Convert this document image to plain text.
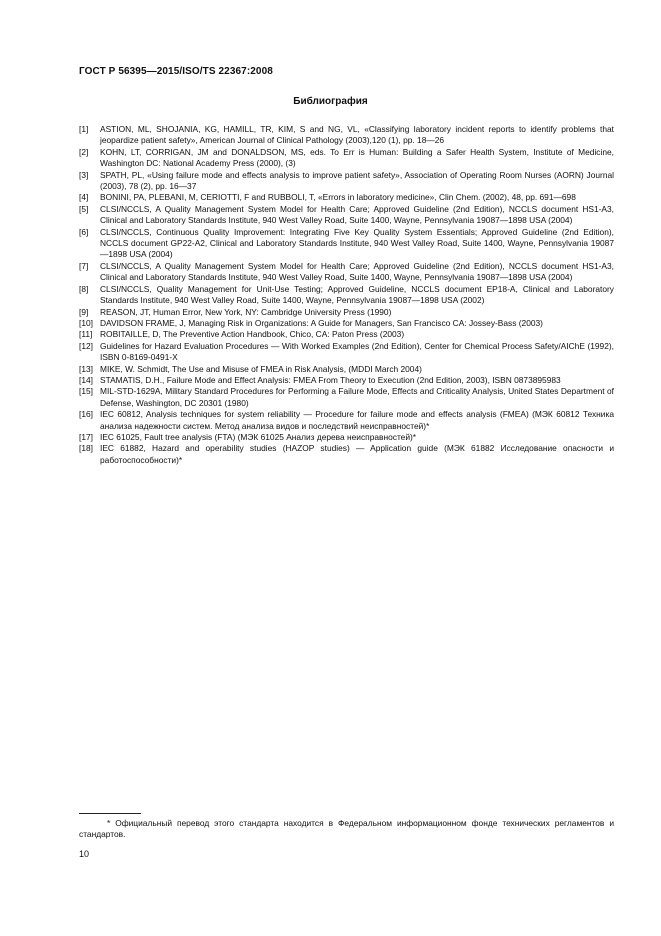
ГОСТ Р 56395—2015/ISO/TS 22367:2008
Библиография
[1]	ASTION, ML, SHOJANIA, KG, HAMILL, TR, KIM, S and NG, VL, «Classifying laboratory incident reports to identify problems that jeopardize patient safety», American Journal of Clinical Pathology (2003),120 (1), pp. 18—26
[2]	KOHN, LT, CORRIGAN, JM and DONALDSON, MS, eds. To Err is Human: Building a Safer Health System, Institute of Medicine, Washington DC: National Academy Press (2000), (3)
[3]	SPATH, PL, «Using failure mode and effects analysis to improve patient safety», Association of Operating Room Nurses (AORN) Journal (2003), 78 (2), pp. 16—37
[4]	BONINI, PA, PLEBANI, M, CERIOTTI, F and RUBBOLI, T, «Errors in laboratory medicine», Clin Chem. (2002), 48, pp. 691—698
[5]	CLSI/NCCLS, A Quality Management System Model for Health Care; Approved Guideline (2nd Edition), NCCLS document HS1-A3, Clinical and Laboratory Standards Institute, 940 West Valley Road, Suite 1400, Wayne, Pennsylvania 19087—1898 USA (2004)
[6]	CLSI/NCCLS, Continuous Quality Improvement: Integrating Five Key Quality System Essentials; Approved Guideline (2nd Edition), NCCLS document GP22-A2, Clinical and Laboratory Standards Institute, 940 West Valley Road, Suite 1400, Wayne, Pennsylvania 19087—1898 USA (2004)
[7]	CLSI/NCCLS, A Quality Management System Model for Health Care; Approved Guideline (2nd Edition), NCCLS document HS1-A3, Clinical and Laboratory Standards Institute, 940 West Valley Road, Suite 1400, Wayne, Pennsylvania 19087—1898 USA (2004)
[8]	CLSI/NCCLS, Quality Management for Unit-Use Testing; Approved Guideline, NCCLS document EP18-A, Clinical and Laboratory Standards Institute, 940 West Valley Road, Suite 1400, Wayne, Pennsylvania 19087—1898 USA (2002)
[9]	REASON, JT, Human Error, New York, NY: Cambridge University Press (1990)
[10] DAVIDSON FRAME, J, Managing Risk in Organizations: A Guide for Managers, San Francisco CA: Jossey-Bass (2003)
[11] ROBITAILLE, D, The Preventive Action Handbook, Chico, CA: Paton Press (2003)
[12] Guidelines for Hazard Evaluation Procedures — With Worked Examples (2nd Edition), Center for Chemical Process Safety/AIChE (1992), ISBN 0-8169-0491-X
[13] MIKE, W. Schmidt, The Use and Misuse of FMEA in Risk Analysis, (MDDI March 2004)
[14] STAMATIS, D.H., Failure Mode and Effect Analysis: FMEA From Theory to Execution (2nd Edition, 2003), ISBN 0873895983
[15] MIL-STD-1629A, Military Standard Procedures for Performing a Failure Mode, Effects and Criticality Analysis, United States Department of Defense, Washington, DC 20301 (1980)
[16] IEC 60812, Analysis techniques for system reliability — Procedure for failure mode and effects analysis (FMEA) (МЭК 60812 Техника анализа надежности систем. Метод анализа видов и последствий неисправностей)*
[17] IEC 61025, Fault tree analysis (FTA) (МЭК 61025 Анализ дерева неисправностей)*
[18] IEC 61882, Hazard and operability studies (HAZOP studies) — Application guide (МЭК 61882 Исследование опасности и работоспособности)*
* Официальный перевод этого стандарта находится в Федеральном информационном фонде технических регламентов и стандартов.
10
